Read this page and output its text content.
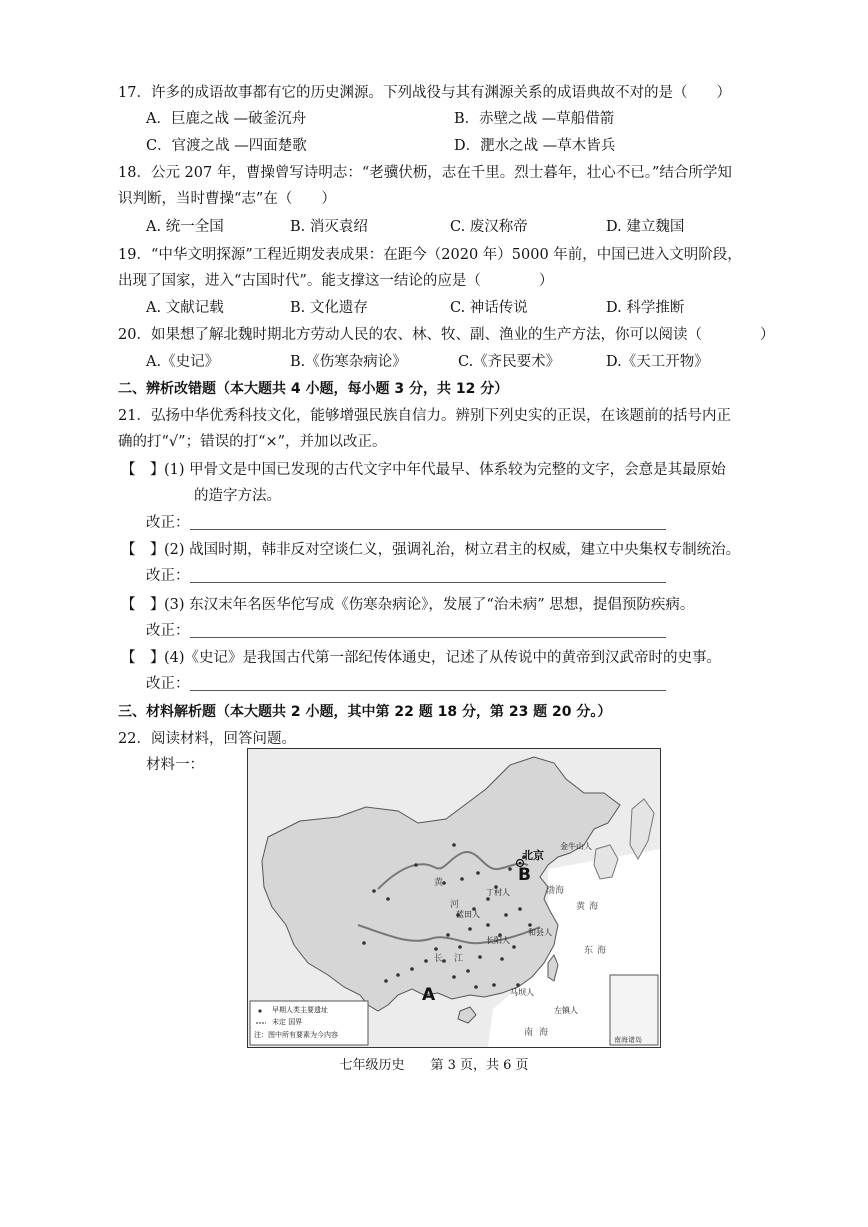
17．许多的成语故事都有它的历史渊源。下列战役与其有渊源关系的成语典故不对的是（　　）
A．巨鹿之战 —破釜沉舟	B．赤壁之战 —草船借箭
C．官渡之战 —四面楚歌	D．淝水之战 —草木皆兵
18．公元 207 年，曹操曾写诗明志：“老骥伏枥，志在千里。烈士暮年，壮心不已。”结合所学知
识判断，当时曹操“志”在（　　）
A. 统一全国	B. 消灭袁绍	C. 废汉称帝	D. 建立魏国
19．“中华文明探源”工程近期发表成果：在距今（2020 年）5000 年前，中国已进入文明阶段，
出现了国家，进入“古国时代”。能支撑这一结论的应是（　　　　）
A. 文献记载	B. 文化遗存	C. 神话传说	D. 科学推断
20．如果想了解北魏时期北方劳动人民的农、林、牧、副、渔业的生产方法，你可以阅读（　　　　）
A.《史记》	B.《伤寒杂病论》	C.《齐民要术》	D.《天工开物》
二、辨析改错题（本大题共 4 小题，每小题 3 分，共 12 分）
21．弘扬中华优秀科技文化，能够增强民族自信力。辨别下列史实的正误，在该题前的括号内正
确的打“√”；错误的打“×”，并加以改正。
【　】 (1) 甲骨文是中国已发现的古代文字中年代最早、体系较为完整的文字，会意是其最原始
的造字方法。
改正：
【　】 (2) 战国时期，韩非反对空谈仁义，强调礼治，树立君主的权威，建立中央集权专制统治。
改正：
【　】 (3) 东汉末年名医华佗写成《伤寒杂病论》，发展了“治未病” 思想，提倡预防疾病。
改正：
【　】 (4)《史记》是我国古代第一部纪传体通史，记述了从传说中的黄帝到汉武帝时的史事。
改正：
三、材料解析题（本大题共 2 小题，其中第 22 题 18 分，第 23 题 20 分。）
22．阅读材料，回答问题。
材料一：
北京
金牛山人
B
丁村人
蓝田人
和县人
长阳人
马坝人
左镇人
渤海
黄海
东海
南海
黄
河
长 江
A
南海诸岛
早期人类主要遗址
未定 国界
注：图中所有要素为今内容
七年级历史　　第 3 页，共 6 页
